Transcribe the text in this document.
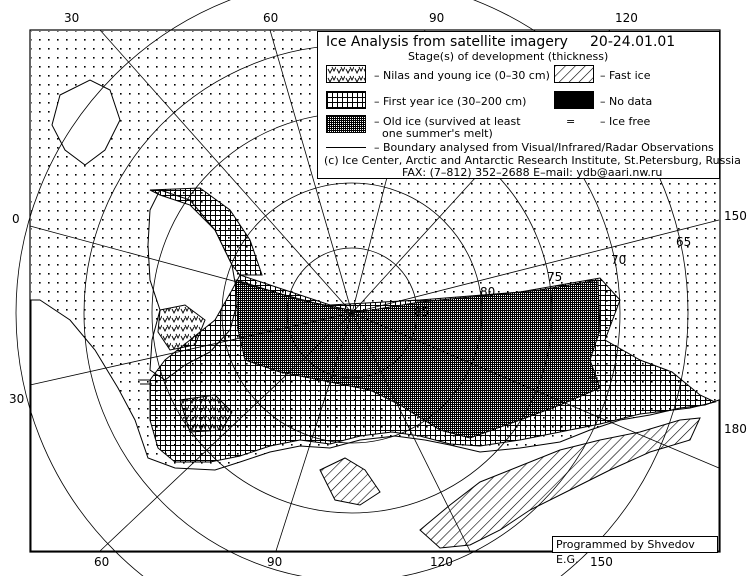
30	60	90	120
60	90	120	150
0
30
150
180
85
80
75
70
65
Ice Analysis from satellite imagery 20-24.01.01
Stage(s) of development (thickness)
– Nilas and young ice (0–30 cm)	– Fast ice
– First year ice (30–200 cm)	– No data
– Old ice (survived at least
one summer's melt)
= – Ice free
– Boundary analysed from Visual/Infrared/Radar Observations
(c) Ice Center, Arctic and Antarctic Research Institute, St.Petersburg, Russia
FAX: (7–812) 352–2688 E–mail: ydb@aari.nw.ru
Programmed by Shvedov E.G.
